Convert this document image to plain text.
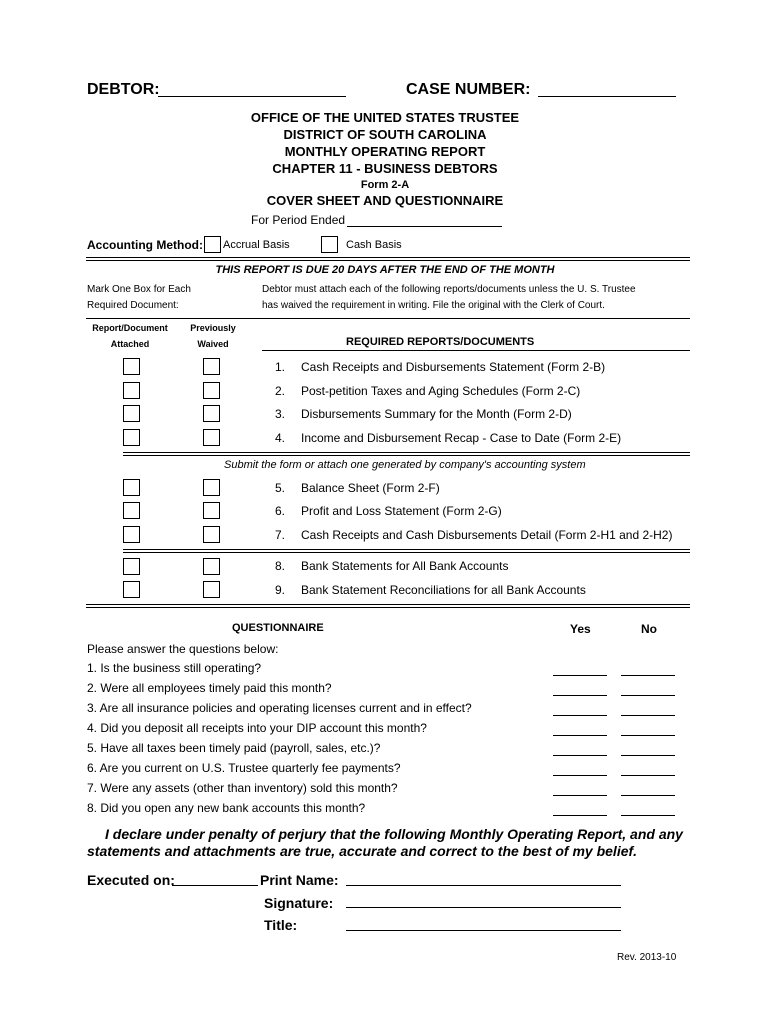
DEBTOR:	CASE NUMBER:
OFFICE OF THE UNITED STATES TRUSTEE
DISTRICT OF SOUTH CAROLINA
MONTHLY OPERATING REPORT
CHAPTER 11 - BUSINESS DEBTORS
Form 2-A
COVER SHEET AND QUESTIONNAIRE
For Period Ended
Accounting Method: Accrual Basis	Cash Basis
THIS REPORT IS DUE 20 DAYS AFTER THE END OF THE MONTH
Mark One Box for Each
Required Document:
Debtor must attach each of the following reports/documents unless the U. S. Trustee
has waived the requirement in writing. File the original with the Clerk of Court.
Report/Document
Attached
Previously
Waived	REQUIRED REPORTS/DOCUMENTS
1. Cash Receipts and Disbursements Statement (Form 2-B)
2. Post-petition Taxes and Aging Schedules (Form 2-C)
3. Disbursements Summary for the Month (Form 2-D)
4. Income and Disbursement Recap - Case to Date (Form 2-E)
Submit the form or attach one generated by company's accounting system
5. Balance Sheet (Form 2-F)
6. Profit and Loss Statement (Form 2-G)
7. Cash Receipts and Cash Disbursements Detail (Form 2-H1 and 2-H2)
8. Bank Statements for All Bank Accounts
9. Bank Statement Reconciliations for all Bank Accounts
QUESTIONNAIRE	Yes	No
Please answer the questions below:
1. Is the business still operating?
2. Were all employees timely paid this month?
3. Are all insurance policies and operating licenses current and in effect?
4. Did you deposit all receipts into your DIP account this month?
5. Have all taxes been timely paid (payroll, sales, etc.)?
6. Are you current on U.S. Trustee quarterly fee payments?
7. Were any assets (other than inventory) sold this month?
8. Did you open any new bank accounts this month?
I declare under penalty of perjury that the following Monthly Operating Report, and any
statements and attachments are true, accurate and correct to the best of my belief.
Executed on:	Print Name:
Signature:
Title:
Rev. 2013-10
